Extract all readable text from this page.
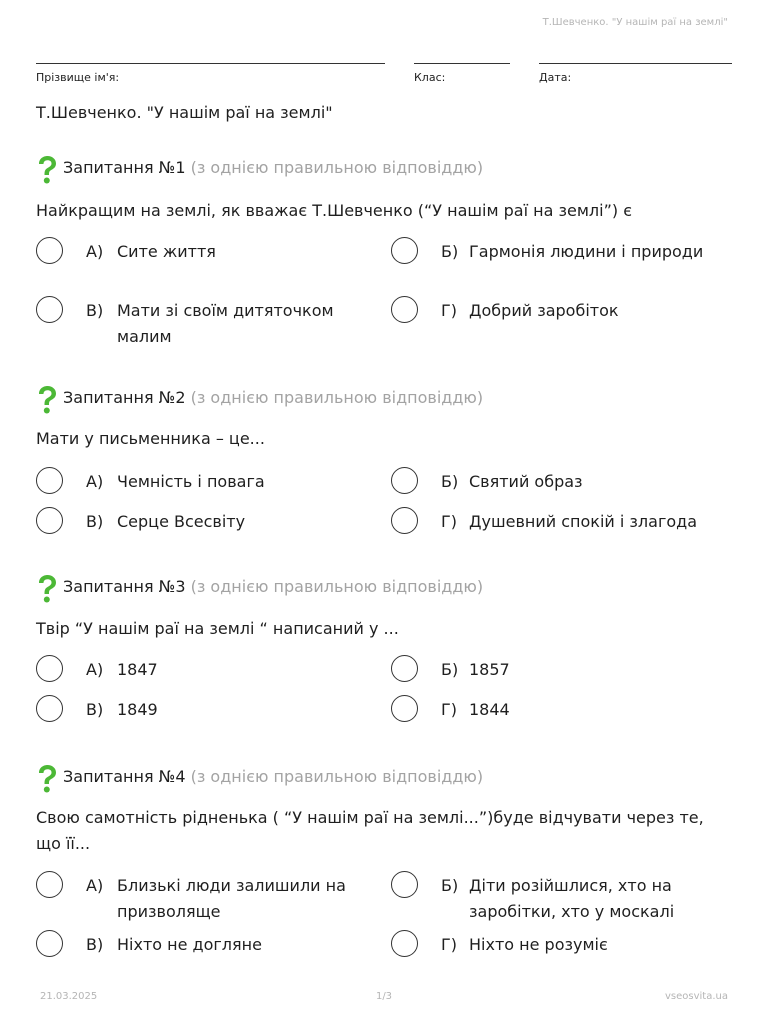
Т.Шевченко. "У нашім раї на землі"
Прізвище ім'я:	Клас:	Дата:
Т.Шевченко. "У нашім раї на землі"
Запитання №1 (з однією правильною відповіддю)
Найкращим на землі, як вважає Т.Шевченко (“У нашім раї на землі”) є
А) Сите життя	Б) Гармонія людини і природи
В) Мати зі своїм дитяточком малим
Г) Добрий заробіток
Запитання №2 (з однією правильною відповіддю)
Мати у письменника – це...
А) Чемність і повага	Б) Святий образ
В) Серце Всесвіту	Г) Душевний спокій і злагода
Запитання №3 (з однією правильною відповіддю)
Твір “У нашім раї на землі “ написаний у ...
А) 1847	Б) 1857
В) 1849	Г) 1844
Запитання №4 (з однією правильною відповіддю)
Свою самотність рідненька ( “У нашім раї на землі...”)буде відчувати через те, що її...
А) Близькі люди залишили на призволяще
Б) Діти розійшлися, хто на заробітки, хто у москалі
В) Ніхто не догляне	Г) Ніхто не розуміє
21.03.2025	1/3	vseosvita.ua
